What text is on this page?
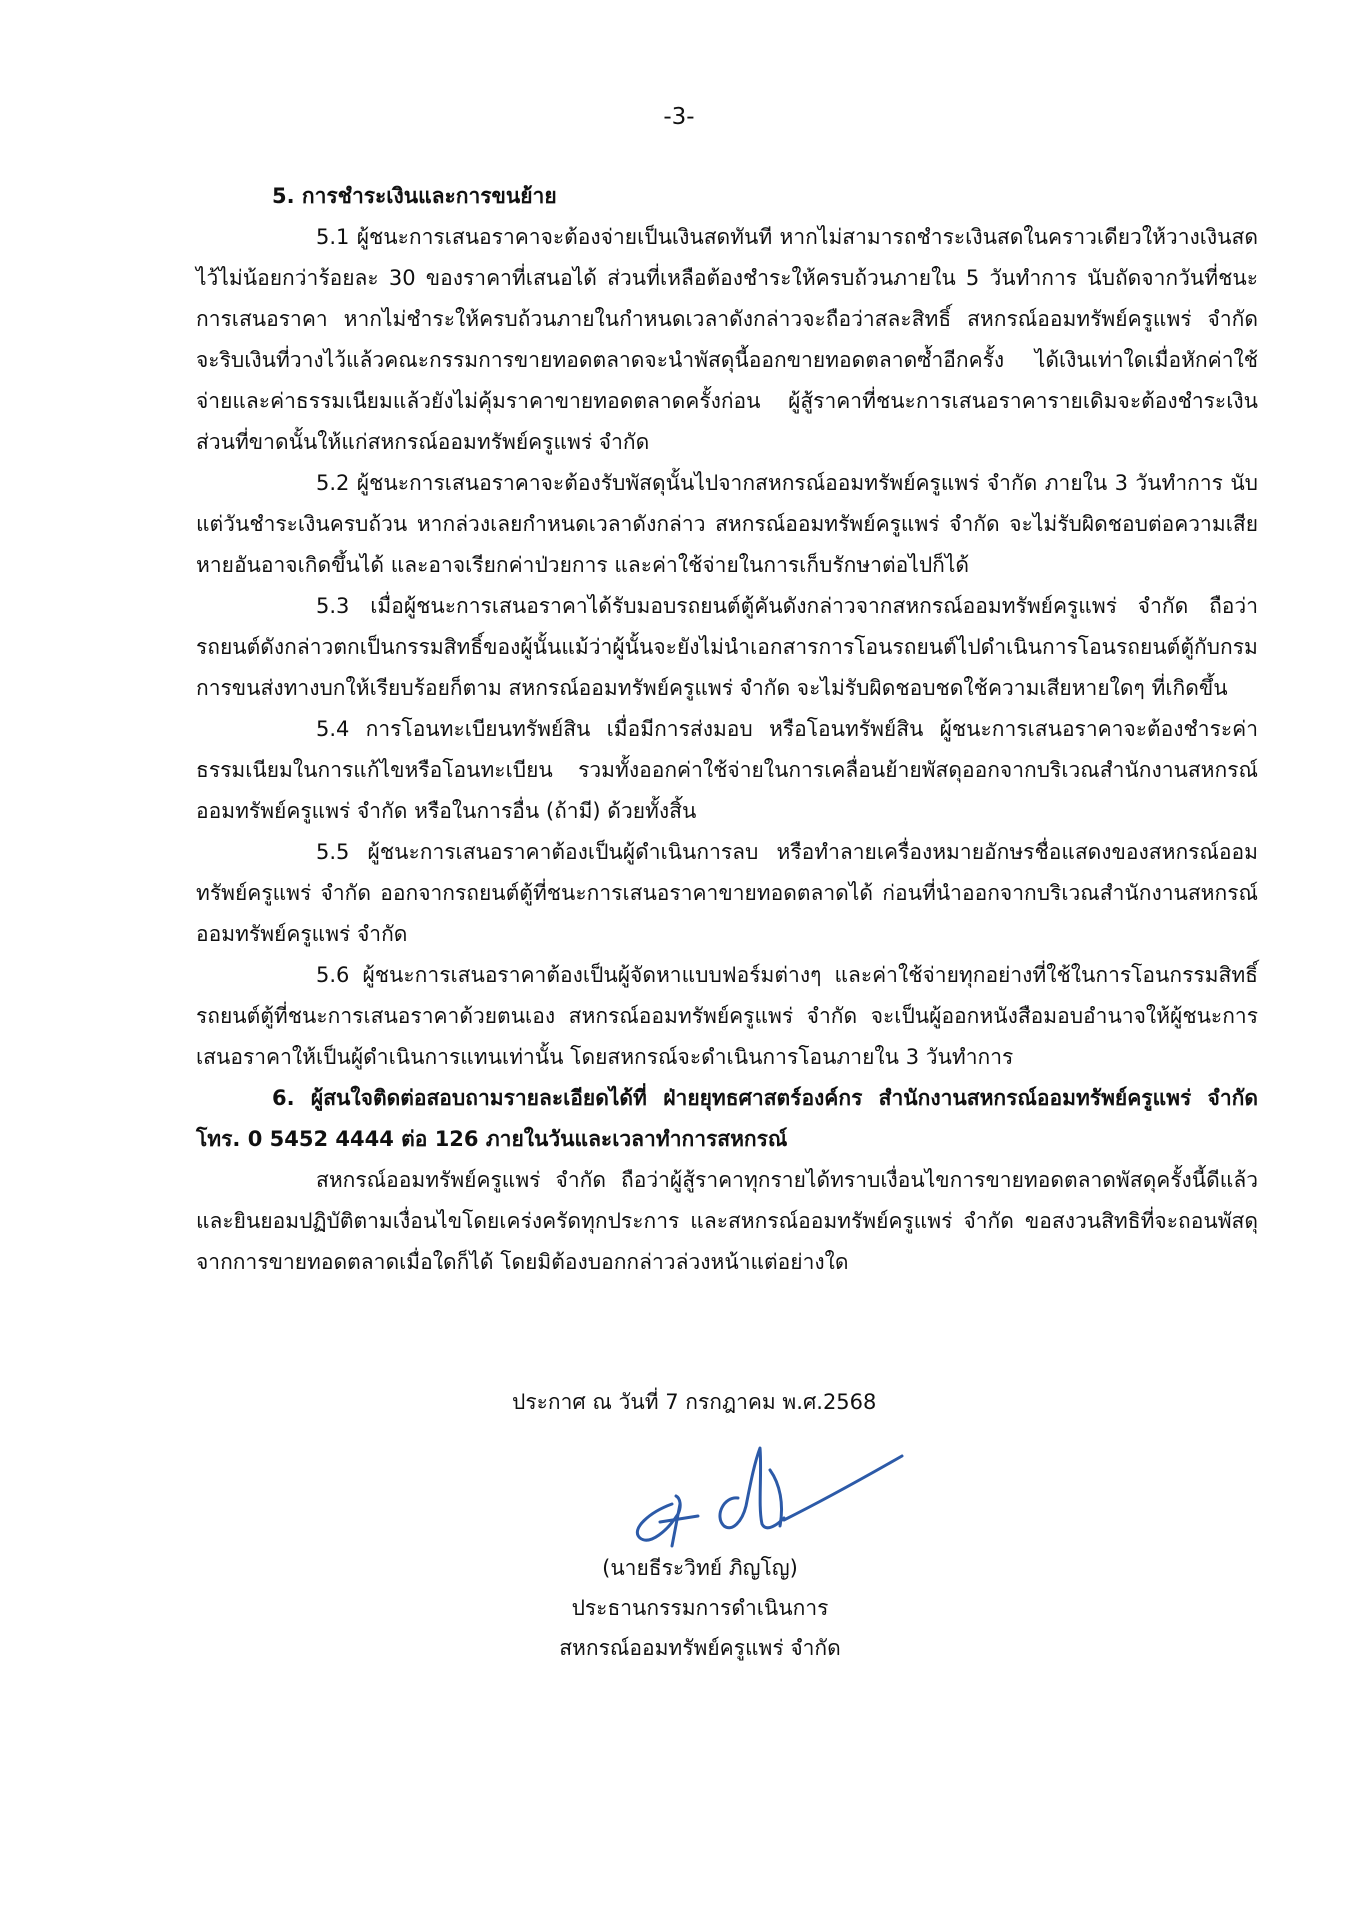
-3-

5. การชำระเงินและการขนย้าย

5.1 ผู้ชนะการเสนอราคาจะต้องจ่ายเป็นเงินสดทันที หากไม่สามารถชำระเงินสดในคราวเดียวให้วางเงินสดไว้ไม่น้อยกว่าร้อยละ 30 ของราคาที่เสนอได้ ส่วนที่เหลือต้องชำระให้ครบถ้วนภายใน 5 วันทำการ นับถัดจากวันที่ชนะการเสนอราคา หากไม่ชำระให้ครบถ้วนภายในกำหนดเวลาดังกล่าวจะถือว่าสละสิทธิ์ สหกรณ์ออมทรัพย์ครูแพร่ จำกัด จะริบเงินที่วางไว้แล้วคณะกรรมการขายทอดตลาดจะนำพัสดุนี้ออกขายทอดตลาดซ้ำอีกครั้ง ได้เงินเท่าใดเมื่อหักค่าใช้จ่ายและค่าธรรมเนียมแล้วยังไม่คุ้มราคาขายทอดตลาดครั้งก่อน ผู้สู้ราคาที่ชนะการเสนอราคารายเดิมจะต้องชำระเงินส่วนที่ขาดนั้นให้แก่สหกรณ์ออมทรัพย์ครูแพร่ จำกัด

5.2 ผู้ชนะการเสนอราคาจะต้องรับพัสดุนั้นไปจากสหกรณ์ออมทรัพย์ครูแพร่ จำกัด ภายใน 3 วันทำการ นับแต่วันชำระเงินครบถ้วน หากล่วงเลยกำหนดเวลาดังกล่าว สหกรณ์ออมทรัพย์ครูแพร่ จำกัด จะไม่รับผิดชอบต่อความเสียหายอันอาจเกิดขึ้นได้ และอาจเรียกค่าป่วยการ และค่าใช้จ่ายในการเก็บรักษาต่อไปก็ได้

5.3 เมื่อผู้ชนะการเสนอราคาได้รับมอบรถยนต์ตู้คันดังกล่าวจากสหกรณ์ออมทรัพย์ครูแพร่ จำกัด ถือว่ารถยนต์ดังกล่าวตกเป็นกรรมสิทธิ์ของผู้นั้นแม้ว่าผู้นั้นจะยังไม่นำเอกสารการโอนรถยนต์ไปดำเนินการโอนรถยนต์ตู้กับกรมการขนส่งทางบกให้เรียบร้อยก็ตาม สหกรณ์ออมทรัพย์ครูแพร่ จำกัด จะไม่รับผิดชอบชดใช้ความเสียหายใดๆ ที่เกิดขึ้น

5.4 การโอนทะเบียนทรัพย์สิน เมื่อมีการส่งมอบ หรือโอนทรัพย์สิน ผู้ชนะการเสนอราคาจะต้องชำระค่าธรรมเนียมในการแก้ไขหรือโอนทะเบียน รวมทั้งออกค่าใช้จ่ายในการเคลื่อนย้ายพัสดุออกจากบริเวณสำนักงานสหกรณ์ออมทรัพย์ครูแพร่ จำกัด หรือในการอื่น (ถ้ามี) ด้วยทั้งสิ้น

5.5 ผู้ชนะการเสนอราคาต้องเป็นผู้ดำเนินการลบ หรือทำลายเครื่องหมายอักษรชื่อแสดงของสหกรณ์ออมทรัพย์ครูแพร่ จำกัด ออกจากรถยนต์ตู้ที่ชนะการเสนอราคาขายทอดตลาดได้ ก่อนที่นำออกจากบริเวณสำนักงานสหกรณ์ออมทรัพย์ครูแพร่ จำกัด

5.6 ผู้ชนะการเสนอราคาต้องเป็นผู้จัดหาแบบฟอร์มต่างๆ และค่าใช้จ่ายทุกอย่างที่ใช้ในการโอนกรรมสิทธิ์รถยนต์ตู้ที่ชนะการเสนอราคาด้วยตนเอง สหกรณ์ออมทรัพย์ครูแพร่ จำกัด จะเป็นผู้ออกหนังสือมอบอำนาจให้ผู้ชนะการเสนอราคาให้เป็นผู้ดำเนินการแทนเท่านั้น โดยสหกรณ์จะดำเนินการโอนภายใน 3 วันทำการ

6. ผู้สนใจติดต่อสอบถามรายละเอียดได้ที่ ฝ่ายยุทธศาสตร์องค์กร สำนักงานสหกรณ์ออมทรัพย์ครูแพร่ จำกัด โทร. 0 5452 4444 ต่อ 126 ภายในวันและเวลาทำการสหกรณ์

สหกรณ์ออมทรัพย์ครูแพร่ จำกัด ถือว่าผู้สู้ราคาทุกรายได้ทราบเงื่อนไขการขายทอดตลาดพัสดุครั้งนี้ดีแล้ว และยินยอมปฏิบัติตามเงื่อนไขโดยเคร่งครัดทุกประการ และสหกรณ์ออมทรัพย์ครูแพร่ จำกัด ขอสงวนสิทธิที่จะถอนพัสดุจากการขายทอดตลาดเมื่อใดก็ได้ โดยมิต้องบอกกล่าวล่วงหน้าแต่อย่างใด

ประกาศ ณ วันที่ 7 กรกฎาคม พ.ศ.2568
(นายธีระวิทย์ ภิญโญ)
ประธานกรรมการดำเนินการ
สหกรณ์ออมทรัพย์ครูแพร่ จำกัด
